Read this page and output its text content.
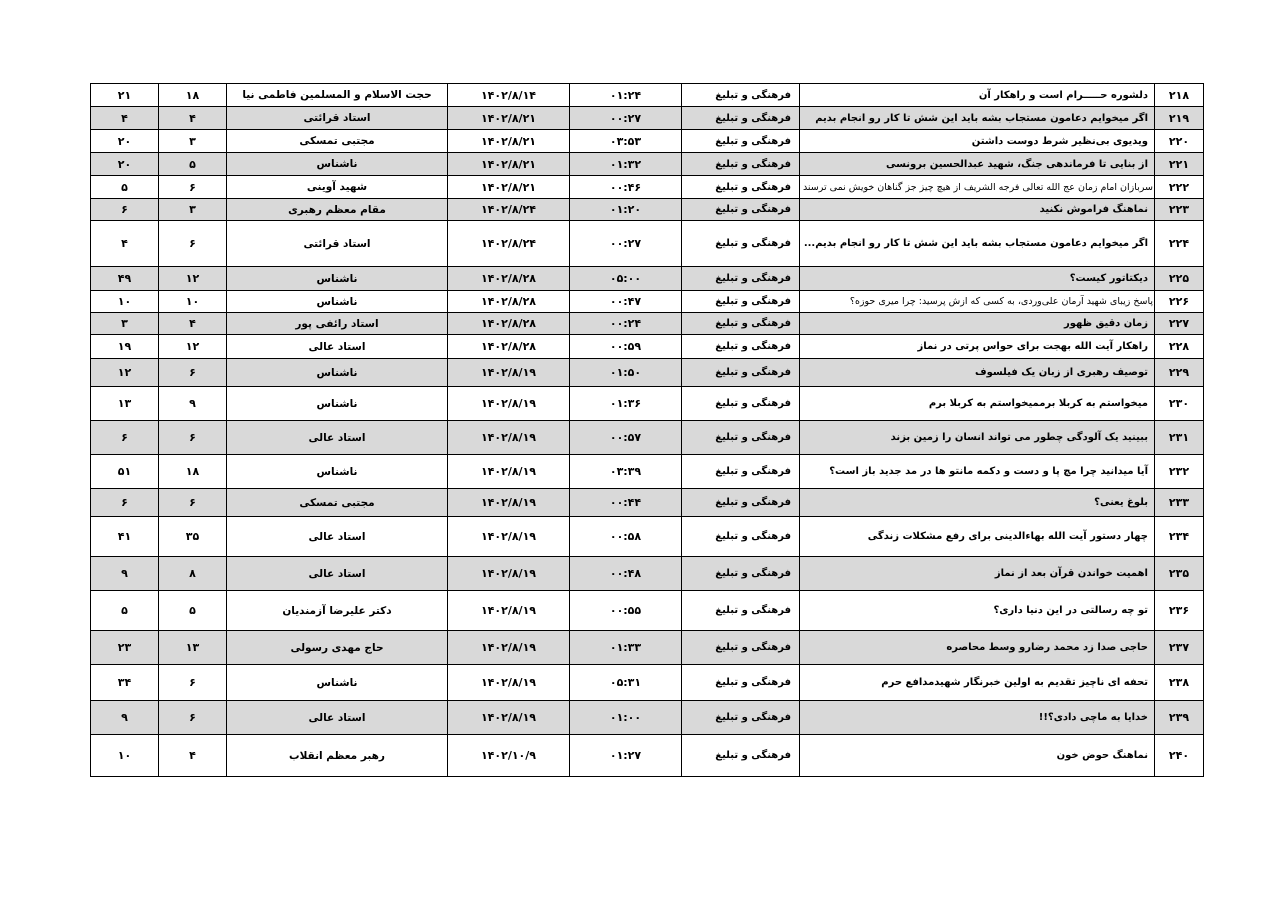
۲۱۸	دلشوره حـــــرام است و راهکار آن	فرهنگی و تبلیغ	۰۱:۲۴	۱۴۰۲/۸/۱۴	حجت الاسلام و المسلمین فاطمی نیا	۱۸	۲۱
۲۱۹	اگر میخوایم دعامون مستجاب بشه باید این شش تا کار رو انجام بدیم	فرهنگی و تبلیغ	۰۰:۲۷	۱۴۰۲/۸/۲۱	استاد قرائتی	۴	۴
۲۲۰	ویدیوی بی‌نظیر شرط دوست داشتن	فرهنگی و تبلیغ	۰۳:۵۳	۱۴۰۲/۸/۲۱	مجتبی تمسکی	۳	۲۰
۲۲۱	از بنایی تا فرماندهی جنگ، شهید عبدالحسین برونسی	فرهنگی و تبلیغ	۰۱:۳۲	۱۴۰۲/۸/۲۱	ناشناس	۵	۲۰
۲۲۲	سربازان امام زمان عج الله تعالی فرجه الشریف از هیچ چیز جز گناهان خویش نمی ترسند	فرهنگی و تبلیغ	۰۰:۴۶	۱۴۰۲/۸/۲۱	شهید آوینی	۶	۵
۲۲۳	نماهنگ فراموش نکنید	فرهنگی و تبلیغ	۰۱:۲۰	۱۴۰۲/۸/۲۴	مقام معظم رهبری	۳	۶
۲۲۴	اگر میخوایم دعامون مستجاب بشه باید این شش تا کار رو انجام بدیم...	فرهنگی و تبلیغ	۰۰:۲۷	۱۴۰۲/۸/۲۴	استاد قرائتی	۶	۴
۲۲۵	دیکتاتور کیست؟	فرهنگی و تبلیغ	۰۵:۰۰	۱۴۰۲/۸/۲۸	ناشناس	۱۲	۴۹
۲۲۶	پاسخ زیبای شهید آرمان علی‌وردی، به کسی که ازش پرسید: چرا میری حوزه؟	فرهنگی و تبلیغ	۰۰:۴۷	۱۴۰۲/۸/۲۸	ناشناس	۱۰	۱۰
۲۲۷	زمان دقیق ظهور	فرهنگی و تبلیغ	۰۰:۲۴	۱۴۰۲/۸/۲۸	استاد رائفی پور	۴	۳
۲۲۸	راهکار آیت الله بهجت برای حواس پرتی در نماز	فرهنگی و تبلیغ	۰۰:۵۹	۱۴۰۲/۸/۲۸	استاد عالی	۱۲	۱۹
۲۲۹	توصیف رهبری از زبان یک فیلسوف	فرهنگی و تبلیغ	۰۱:۵۰	۱۴۰۲/۸/۱۹	ناشناس	۶	۱۲
۲۳۰	میخواستم به کربلا برممیخواستم به کربلا برم	فرهنگی و تبلیغ	۰۱:۳۶	۱۴۰۲/۸/۱۹	ناشناس	۹	۱۳
۲۳۱	ببینید یک آلودگی چطور می تواند انسان را زمین بزند	فرهنگی و تبلیغ	۰۰:۵۷	۱۴۰۲/۸/۱۹	استاد عالی	۶	۶
۲۳۲	آیا میدانید چرا مچ پا و دست و دکمه مانتو ها در مد جدید باز است؟	فرهنگی و تبلیغ	۰۳:۳۹	۱۴۰۲/۸/۱۹	ناشناس	۱۸	۵۱
۲۳۳	بلوغ یعنی؟	فرهنگی و تبلیغ	۰۰:۴۴	۱۴۰۲/۸/۱۹	مجتبی تمسکی	۶	۶
۲۳۴	چهار دستور آیت الله بهاءالدینی برای رفع مشکلات زندگی	فرهنگی و تبلیغ	۰۰:۵۸	۱۴۰۲/۸/۱۹	استاد عالی	۳۵	۴۱
۲۳۵	اهمیت خواندن قرآن بعد از نماز	فرهنگی و تبلیغ	۰۰:۴۸	۱۴۰۲/۸/۱۹	استاد عالی	۸	۹
۲۳۶	تو چه رسالتی در این دنیا داری؟	فرهنگی و تبلیغ	۰۰:۵۵	۱۴۰۲/۸/۱۹	دکتر علیرضا آزمندیان	۵	۵
۲۳۷	حاجی صدا زد محمد رضارو وسط محاصره	فرهنگی و تبلیغ	۰۱:۳۳	۱۴۰۲/۸/۱۹	حاج مهدی رسولی	۱۳	۲۳
۲۳۸	تحفه ای ناچیز تقدیم به اولین خبرنگار شهیدمدافع حرم	فرهنگی و تبلیغ	۰۵:۳۱	۱۴۰۲/۸/۱۹	ناشناس	۶	۳۴
۲۳۹	خدایا به ماچی دادی؟!!	فرهنگی و تبلیغ	۰۱:۰۰	۱۴۰۲/۸/۱۹	استاد عالی	۶	۹
۲۴۰	نماهنگ حوض خون	فرهنگی و تبلیغ	۰۱:۲۷	۱۴۰۲/۱۰/۹	رهبر معظم انقلاب	۴	۱۰
